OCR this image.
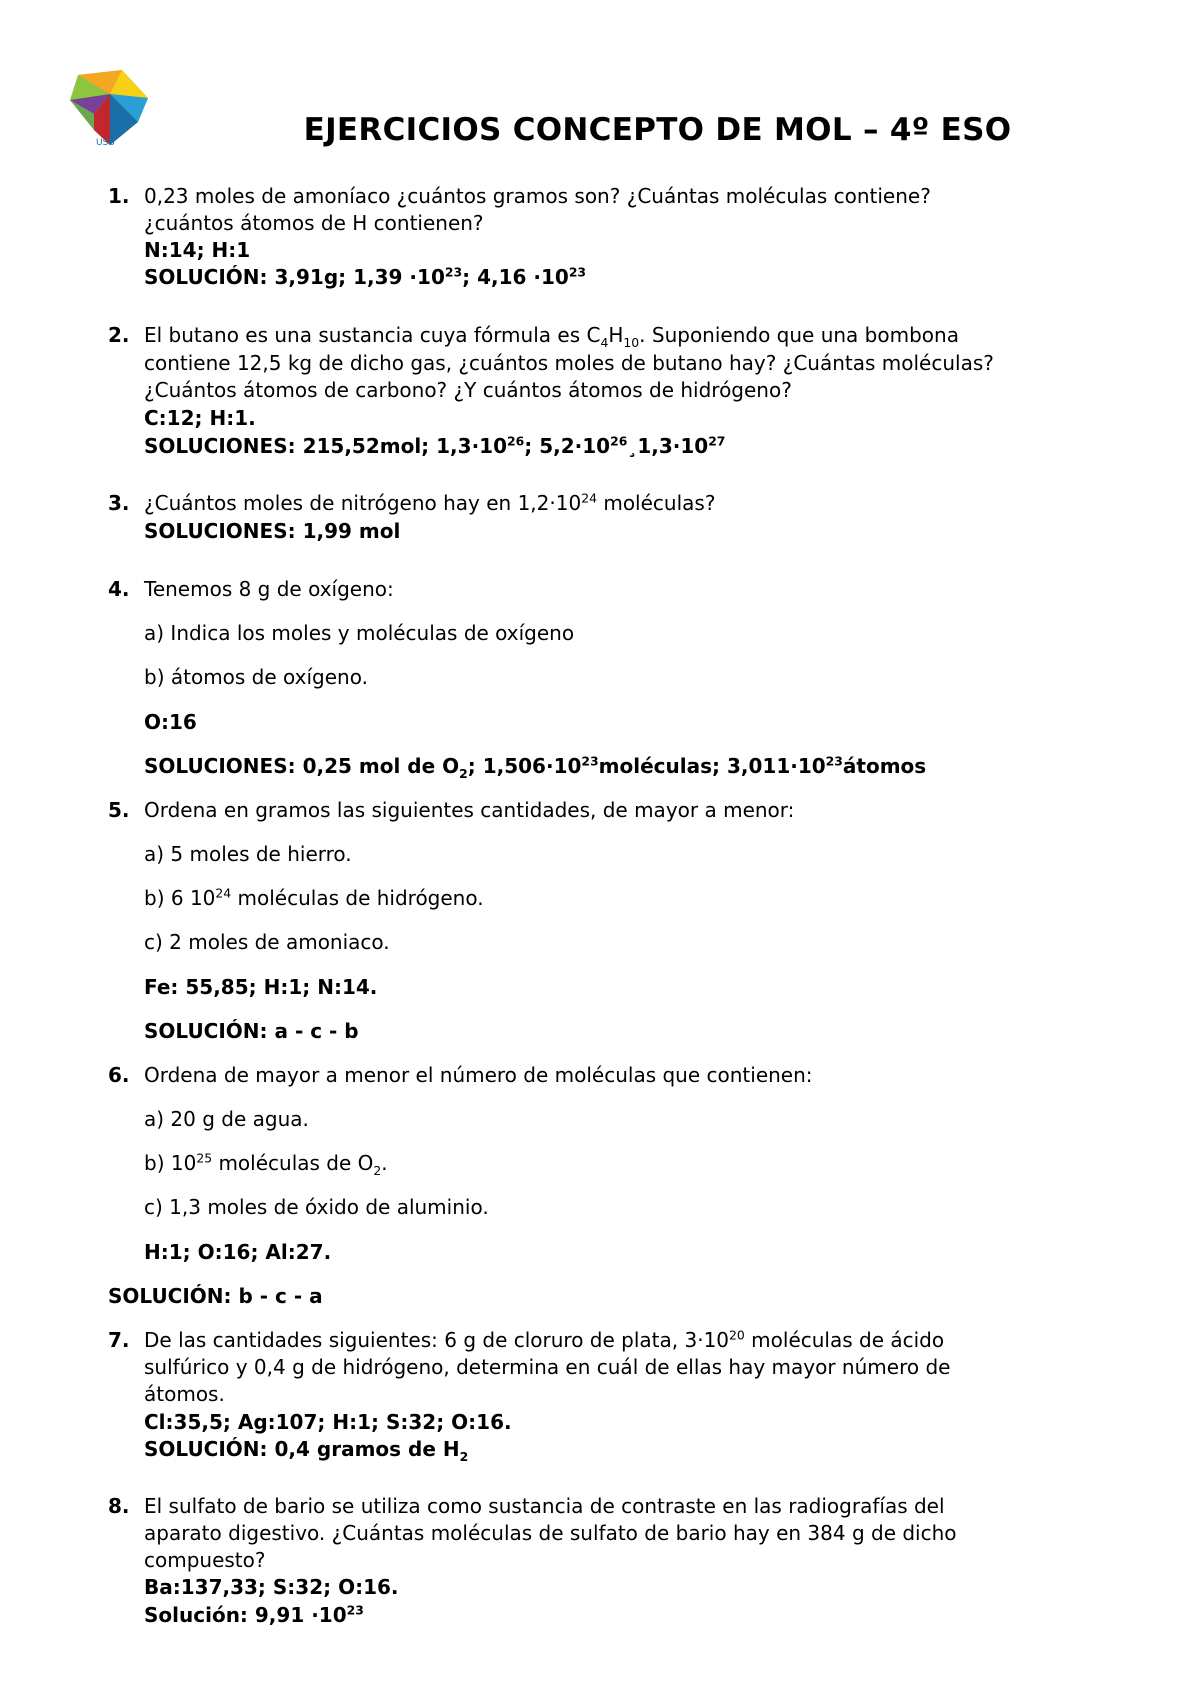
USU	EJERCICIOS CONCEPTO DE MOL – 4º ESO
1. 0,23 moles de amoníaco ¿cuántos gramos son? ¿Cuántas moléculas contiene?
¿cuántos átomos de H contienen?
N:14; H:1
SOLUCIÓN: 3,91g; $1,39 \cdot 10^{23}$; $4,16 \cdot 10^{23}$
2. El butano es una sustancia cuya fórmula es $C_4H_{10}$. Suponiendo que una bombona
contiene 12,5 kg de dicho gas, ¿cuántos moles de butano hay? ¿Cuántas moléculas?
¿Cuántos átomos de carbono? ¿Y cuántos átomos de hidrógeno?
C:12; H:1.
SOLUCIONES: 215,52mol; $1,3\cdot 10^{26}$; $5,2\cdot 10^{26}¸1,3\cdot 10^{27}$
3. ¿Cuántos moles de nitrógeno hay en $1,2\cdot 10^{24}$ moléculas?
SOLUCIONES: 1,99 mol
4. Tenemos 8 g de oxígeno:
a) Indica los moles y moléculas de oxígeno
b) átomos de oxígeno.
O:16
SOLUCIONES: 0,25 mol de $O_2$; $1,506\cdot 10^{23}moléculas$; $3,011\cdot 10^{23}átomos$
5. Ordena en gramos las siguientes cantidades, de mayor a menor:
a) 5 moles de hierro.
b) 6 $10^{24}$ moléculas de hidrógeno.
c) 2 moles de amoniaco.
Fe: 55,85; H:1; N:14.
SOLUCIÓN: a - c - b
6. Ordena de mayor a menor el número de moléculas que contienen:
a) 20 g de agua.
b) $10^{25}$ moléculas de $O_2$.
c) 1,3 moles de óxido de aluminio.
H:1; O:16; Al:27.
SOLUCIÓN: b - c - a
7. De las cantidades siguientes: 6 g de cloruro de plata, $3\cdot 10^{20}$ moléculas de ácido
sulfúrico y 0,4 g de hidrógeno, determina en cuál de ellas hay mayor número de
átomos.
Cl:35,5; Ag:107; H:1; S:32; O:16.
SOLUCIÓN: 0,4 gramos de $H_2$
8. El sulfato de bario se utiliza como sustancia de contraste en las radiografías del
aparato digestivo. ¿Cuántas moléculas de sulfato de bario hay en 384 g de dicho
compuesto?
Ba:137,33; S:32; O:16.
Solución: $9,91 \cdot 10^{23}$
